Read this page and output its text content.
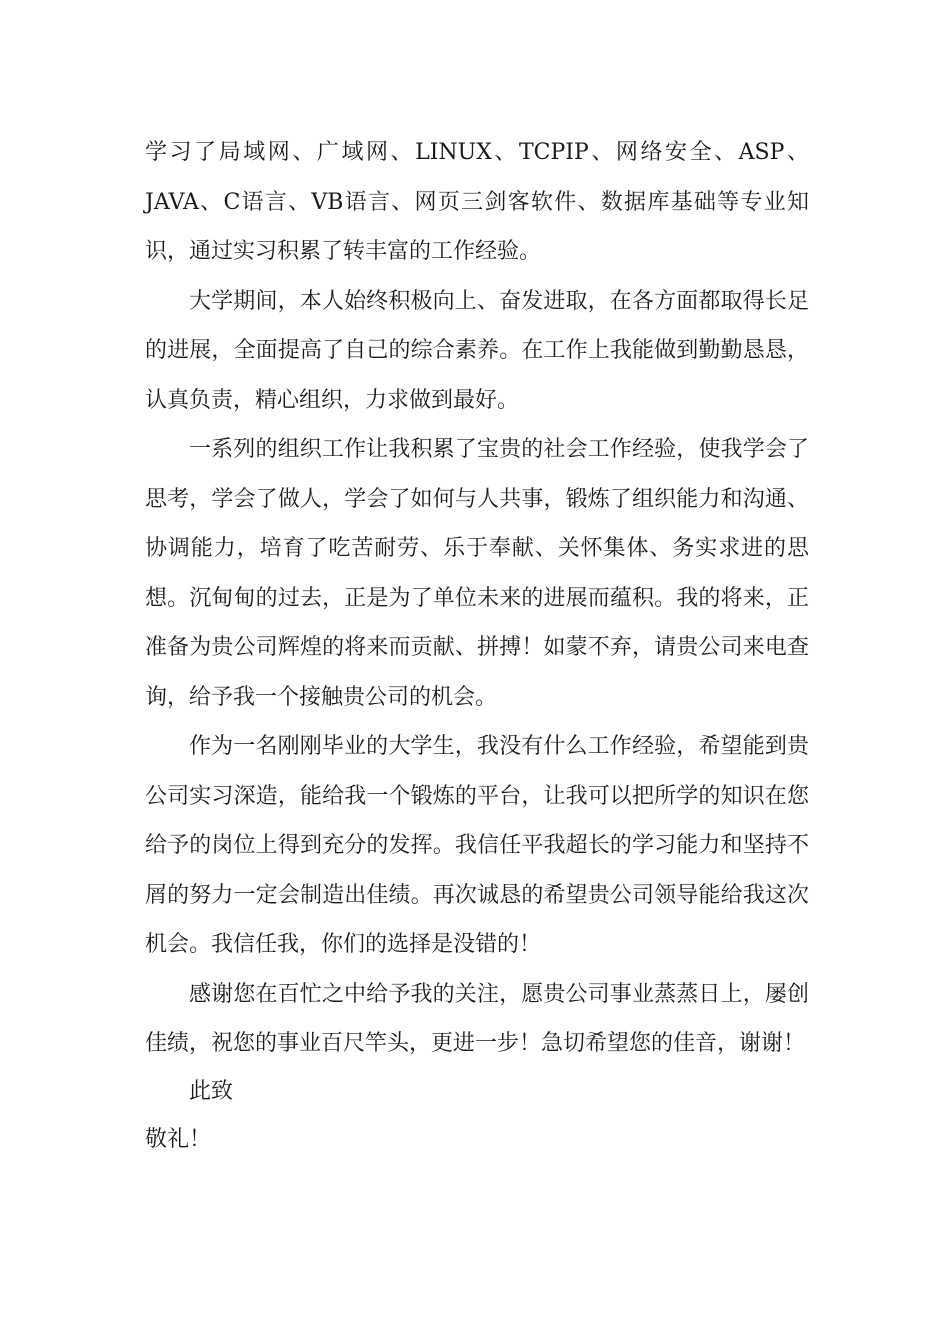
学习了局域网、广域网、LINUX、TCPIP、网络安全、ASP、JAVA、C语言、VB语言、网页三剑客软件、数据库基础等专业知识，通过实习积累了转丰富的工作经验。

大学期间，本人始终积极向上、奋发进取，在各方面都取得长足的进展，全面提高了自己的综合素养。在工作上我能做到勤勤恳恳，认真负责，精心组织，力求做到最好。

一系列的组织工作让我积累了宝贵的社会工作经验，使我学会了思考，学会了做人，学会了如何与人共事，锻炼了组织能力和沟通、协调能力，培育了吃苦耐劳、乐于奉献、关怀集体、务实求进的思想。沉甸甸的过去，正是为了单位未来的进展而蕴积。我的将来，正准备为贵公司辉煌的将来而贡献、拼搏！如蒙不弃，请贵公司来电查询，给予我一个接触贵公司的机会。

作为一名刚刚毕业的大学生，我没有什么工作经验，希望能到贵公司实习深造，能给我一个锻炼的平台，让我可以把所学的知识在您给予的岗位上得到充分的发挥。我信任平我超长的学习能力和坚持不屑的努力一定会制造出佳绩。再次诚恳的希望贵公司领导能给我这次机会。我信任我，你们的选择是没错的！

感谢您在百忙之中给予我的关注，愿贵公司事业蒸蒸日上，屡创佳绩，祝您的事业百尺竿头，更进一步！急切希望您的佳音，谢谢！

此致

敬礼！
